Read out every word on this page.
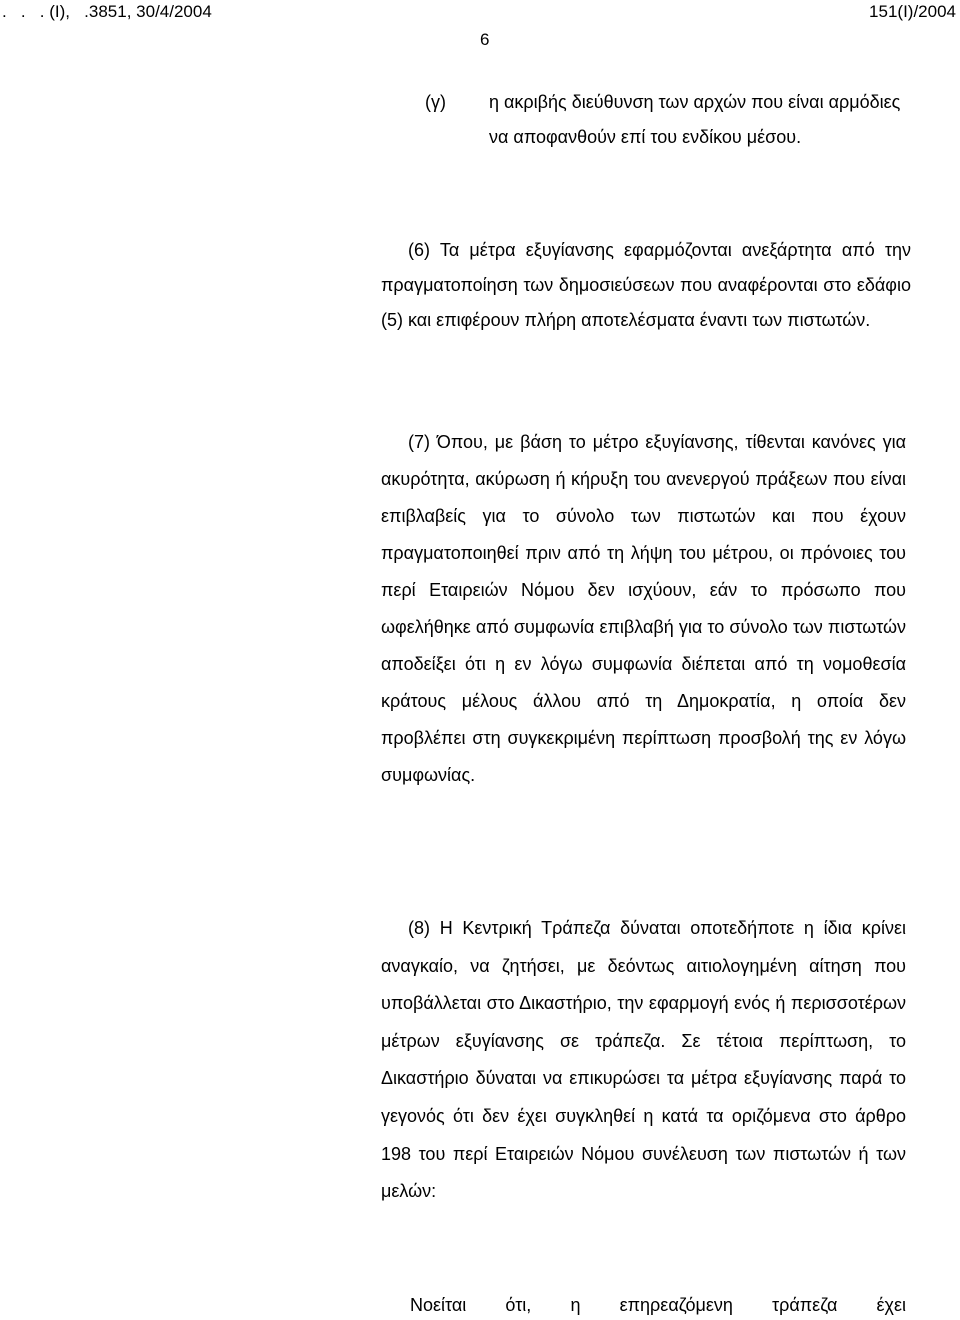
.   .   . (Ι),   .3851, 30/4/2004	151(I)/2004
6
(γ) η ακριβής διεύθυνση των αρχών που είναι αρμόδιες να αποφανθούν επί του ενδίκου μέσου.
(6) Τα μέτρα εξυγίανσης εφαρμόζονται ανεξάρτητα από την πραγματοποίηση των δημοσιεύσεων που αναφέρονται στο εδάφιο (5) και επιφέρουν πλήρη αποτελέσματα έναντι των πιστωτών.
(7) Όπου, με βάση το μέτρο εξυγίανσης, τίθενται κανόνες για ακυρότητα, ακύρωση ή κήρυξη του ανενεργού πράξεων που είναι επιβλαβείς για το σύνολο των πιστωτών και που έχουν πραγματοποιηθεί πριν από τη λήψη του μέτρου, οι πρόνοιες του περί Εταιρειών Νόμου δεν ισχύουν, εάν το πρόσωπο που ωφελήθηκε από συμφωνία επιβλαβή για το σύνολο των πιστωτών αποδείξει ότι η εν λόγω συμφωνία διέπεται από τη νομοθεσία κράτους μέλους άλλου από τη Δημοκρατία, η οποία δεν προβλέπει στη συγκεκριμένη περίπτωση προσβολή της εν λόγω συμφωνίας.
(8) Η Κεντρική Τράπεζα δύναται οποτεδήποτε η ίδια κρίνει αναγκαίο, να ζητήσει, με δεόντως αιτιολογημένη αίτηση που υποβάλλεται στο Δικαστήριο, την εφαρμογή ενός ή περισσοτέρων μέτρων εξυγίανσης σε τράπεζα. Σε τέτοια περίπτωση, το Δικαστήριο δύναται να επικυρώσει τα μέτρα εξυγίανσης παρά το γεγονός ότι δεν έχει συγκληθεί η κατά τα οριζόμενα στο άρθρο 198 του περί Εταιρειών Νόμου συνέλευση των πιστωτών ή των μελών:
Νοείται ότι, η επηρεαζόμενη τράπεζα έχει
